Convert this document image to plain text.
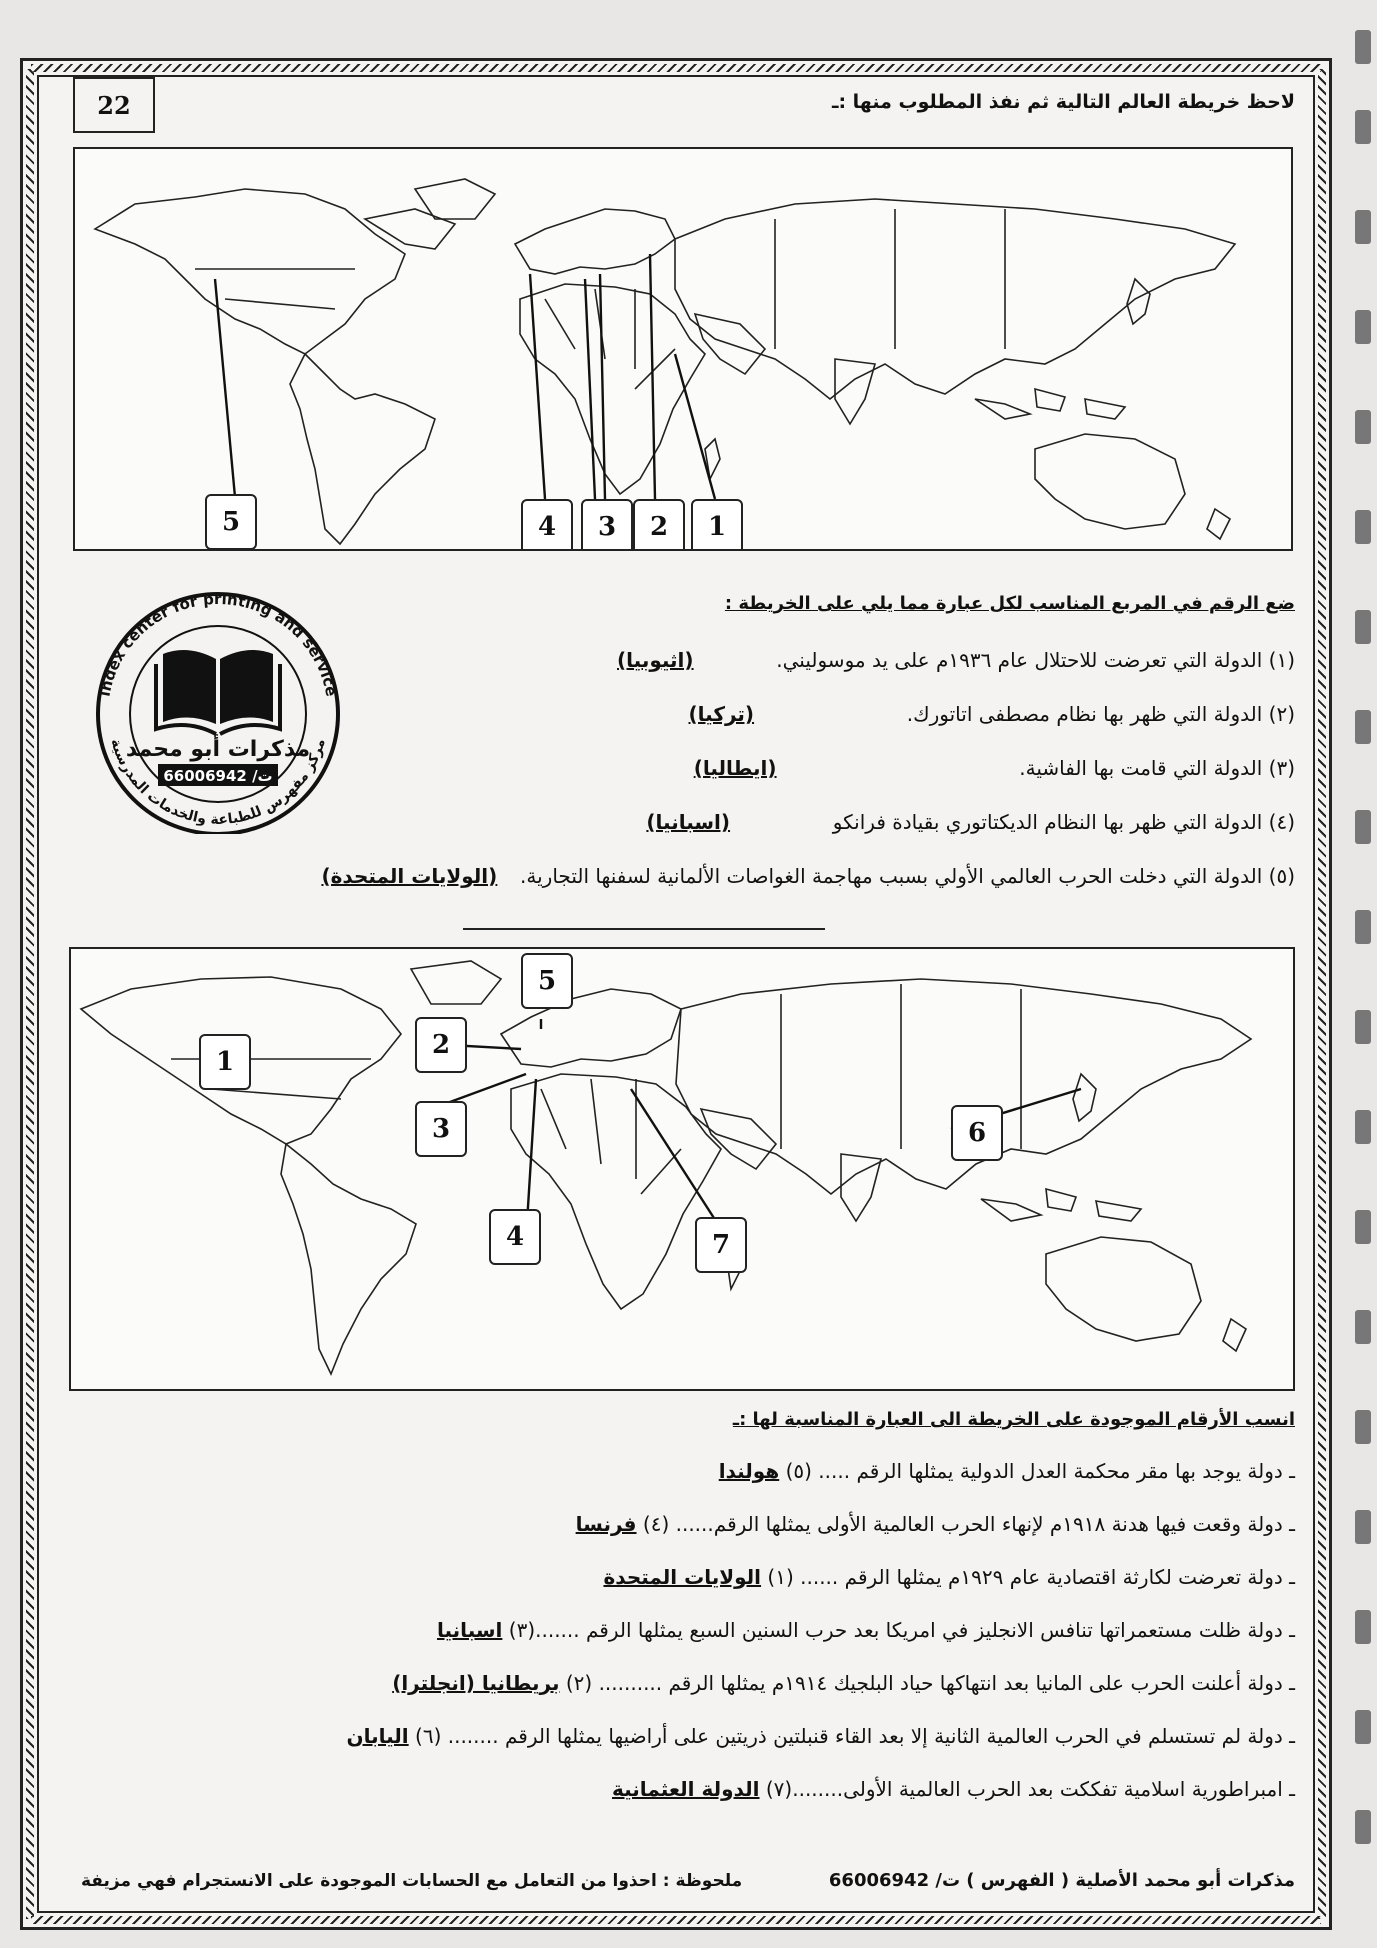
22	لاحظ خريطة العالم التالية ثم نفذ المطلوب منها :ـ
5	4	3	2	1
index center for printing and service
مركز مفهرس للطباعة والخدمات المدرسية
مذكرات أبو محمد
ت/ 66006942
ضع الرقم في المربع المناسب لكل عبارة مما يلي على الخريطة :
(١) الدولة التي تعرضت للاحتلال عام ١٩٣٦م على يد موسوليني.  (اثيوبيا)
(٢) الدولة التي ظهر بها نظام مصطفى اتاتورك.  (تركيا)
(٣) الدولة التي قامت بها الفاشية.  (ايطاليا)
(٤) الدولة التي ظهر بها النظام الديكتاتوري بقيادة فرانكو  (اسبانيا)
(٥) الدولة التي دخلت الحرب العالمي الأولي بسبب مهاجمة الغواصات الألمانية لسفنها التجارية.  (الولايات المتحدة)
1
2
3
4
5
6
7
انسب الأرقام الموجودة على الخريطة الى العبارة المناسبة لها :ـ
ـ دولة يوجد بها مقر محكمة العدل الدولية يمثلها الرقم ..... (٥) هولندا
ـ دولة وقعت فيها هدنة ١٩١٨م لإنهاء الحرب العالمية الأولى يمثلها الرقم...... (٤) فرنسا
ـ دولة تعرضت لكارثة اقتصادية عام ١٩٢٩م يمثلها الرقم ...... (١) الولايات المتحدة
ـ دولة ظلت مستعمراتها تنافس الانجليز في امريكا بعد حرب السنين السبع يمثلها الرقم .......(٣) اسبانيا
ـ دولة أعلنت الحرب على المانيا بعد انتهاكها حياد البلجيك ١٩١٤م يمثلها الرقم .......... (٢) بريطانيا (انجلترا)
ـ دولة لم تستسلم في الحرب العالمية الثانية إلا بعد القاء قنبلتين ذريتين على أراضيها يمثلها الرقم ........ (٦) اليابان
ـ امبراطورية اسلامية تفككت بعد الحرب العالمية الأولى........(٧) الدولة العثمانية
مذكرات أبو محمد الأصلية ( الفهرس ) ت/ 66006942
ملحوظة : احذوا من التعامل مع الحسابات الموجودة على الانستجرام فهي مزيفة
